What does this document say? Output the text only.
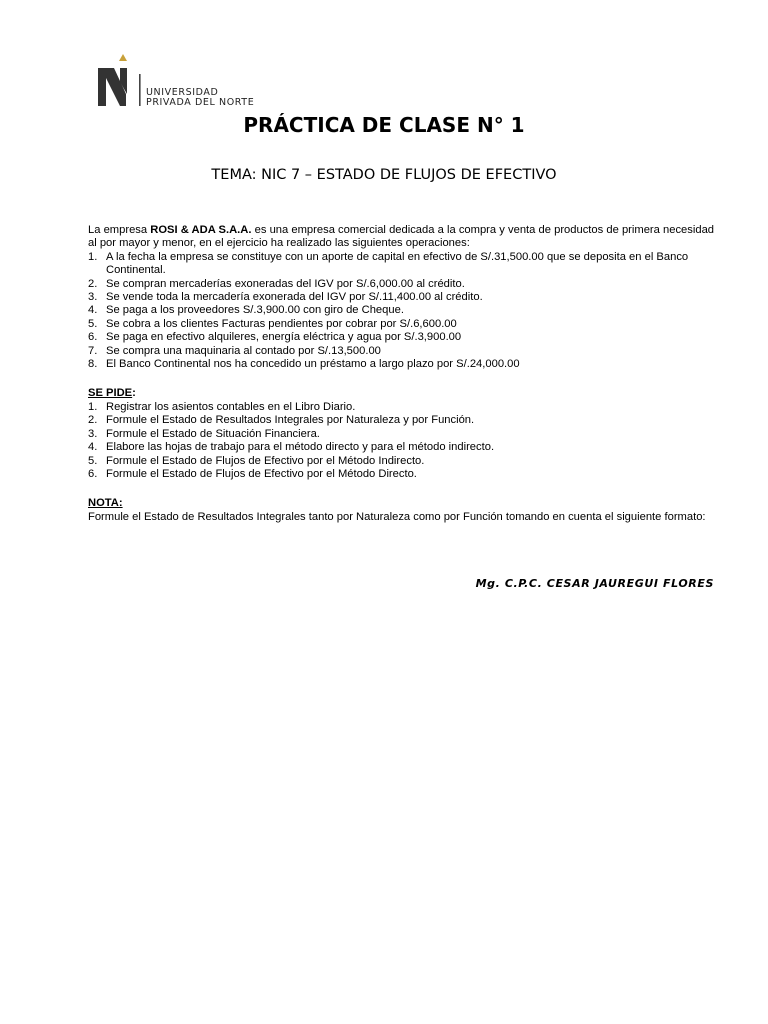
UNIVERSIDAD
PRIVADA DEL NORTE
PRÁCTICA DE CLASE N° 1
TEMA: NIC 7 – ESTADO DE FLUJOS DE EFECTIVO

La empresa ROSI & ADA S.A.A. es una empresa comercial dedicada a la compra y venta de productos de primera necesidad al por mayor y menor, en el ejercicio ha realizado las siguientes operaciones:

1. A la fecha la empresa se constituye con un aporte de capital en efectivo de S/.31,500.00 que se deposita en el Banco Continental.
2. Se compran mercaderías exoneradas del IGV por S/.6,000.00 al crédito.
3. Se vende toda la mercadería exonerada del IGV por S/.11,400.00 al crédito.
4. Se paga a los proveedores S/.3,900.00 con giro de Cheque.
5. Se cobra a los clientes Facturas pendientes por cobrar por S/.6,600.00
6. Se paga en efectivo alquileres, energía eléctrica y agua por S/.3,900.00
7. Se compra una maquinaria al contado por S/.13,500.00
8. El Banco Continental nos ha concedido un préstamo a largo plazo por S/.24,000.00
SE PIDE:
1. Registrar los asientos contables en el Libro Diario.
2. Formule el Estado de Resultados Integrales por Naturaleza y por Función.
3. Formule el Estado de Situación Financiera.
4. Elabore las hojas de trabajo para el método directo y para el método indirecto.
5. Formule el Estado de Flujos de Efectivo por el Método Indirecto.
6. Formule el Estado de Flujos de Efectivo por el Método Directo.
NOTA:
Formule el Estado de Resultados Integrales tanto por Naturaleza como por Función tomando en cuenta el siguiente formato:
Mg. C.P.C. CESAR JAUREGUI FLORES
